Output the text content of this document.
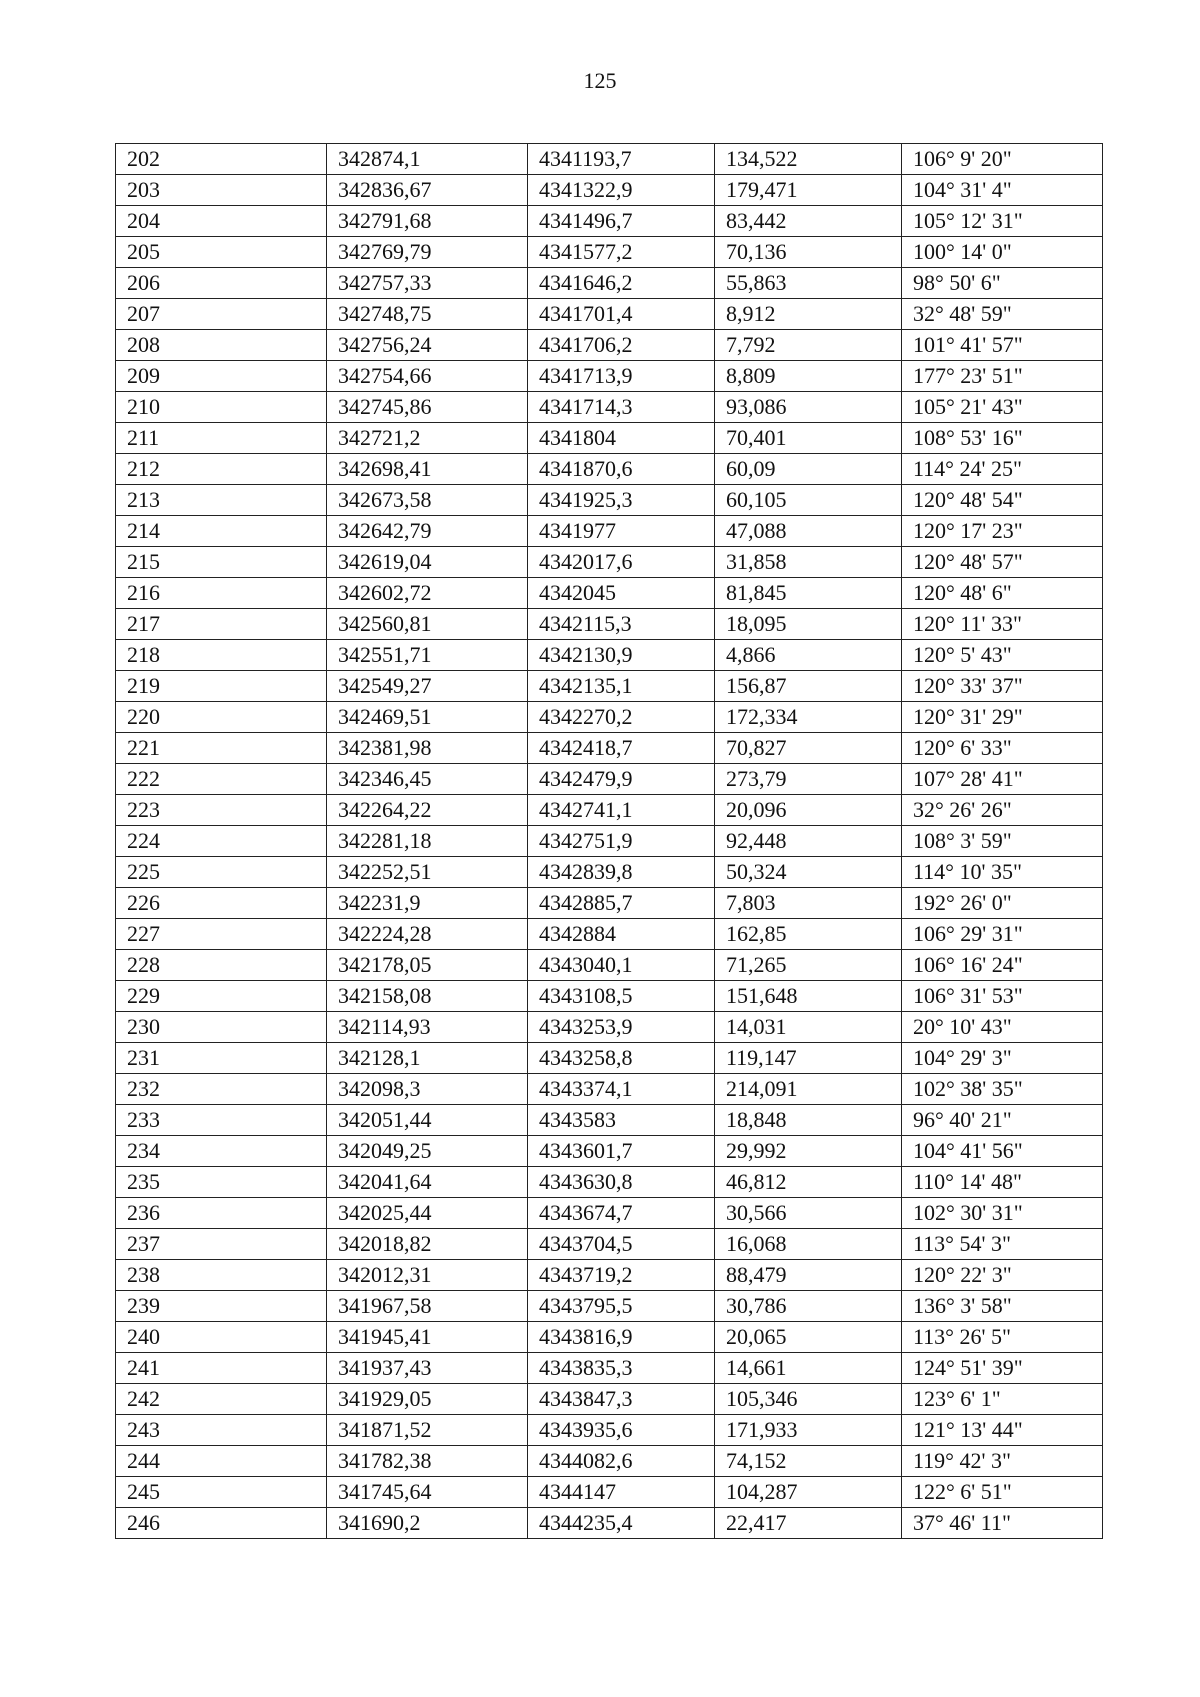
125
202	342874,1	4341193,7	134,522	106° 9' 20"
203	342836,67	4341322,9	179,471	104° 31' 4"
204	342791,68	4341496,7	83,442	105° 12' 31"
205	342769,79	4341577,2	70,136	100° 14' 0"
206	342757,33	4341646,2	55,863	98° 50' 6"
207	342748,75	4341701,4	8,912	32° 48' 59"
208	342756,24	4341706,2	7,792	101° 41' 57"
209	342754,66	4341713,9	8,809	177° 23' 51"
210	342745,86	4341714,3	93,086	105° 21' 43"
211	342721,2	4341804	70,401	108° 53' 16"
212	342698,41	4341870,6	60,09	114° 24' 25"
213	342673,58	4341925,3	60,105	120° 48' 54"
214	342642,79	4341977	47,088	120° 17' 23"
215	342619,04	4342017,6	31,858	120° 48' 57"
216	342602,72	4342045	81,845	120° 48' 6"
217	342560,81	4342115,3	18,095	120° 11' 33"
218	342551,71	4342130,9	4,866	120° 5' 43"
219	342549,27	4342135,1	156,87	120° 33' 37"
220	342469,51	4342270,2	172,334	120° 31' 29"
221	342381,98	4342418,7	70,827	120° 6' 33"
222	342346,45	4342479,9	273,79	107° 28' 41"
223	342264,22	4342741,1	20,096	32° 26' 26"
224	342281,18	4342751,9	92,448	108° 3' 59"
225	342252,51	4342839,8	50,324	114° 10' 35"
226	342231,9	4342885,7	7,803	192° 26' 0"
227	342224,28	4342884	162,85	106° 29' 31"
228	342178,05	4343040,1	71,265	106° 16' 24"
229	342158,08	4343108,5	151,648	106° 31' 53"
230	342114,93	4343253,9	14,031	20° 10' 43"
231	342128,1	4343258,8	119,147	104° 29' 3"
232	342098,3	4343374,1	214,091	102° 38' 35"
233	342051,44	4343583	18,848	96° 40' 21"
234	342049,25	4343601,7	29,992	104° 41' 56"
235	342041,64	4343630,8	46,812	110° 14' 48"
236	342025,44	4343674,7	30,566	102° 30' 31"
237	342018,82	4343704,5	16,068	113° 54' 3"
238	342012,31	4343719,2	88,479	120° 22' 3"
239	341967,58	4343795,5	30,786	136° 3' 58"
240	341945,41	4343816,9	20,065	113° 26' 5"
241	341937,43	4343835,3	14,661	124° 51' 39"
242	341929,05	4343847,3	105,346	123° 6' 1"
243	341871,52	4343935,6	171,933	121° 13' 44"
244	341782,38	4344082,6	74,152	119° 42' 3"
245	341745,64	4344147	104,287	122° 6' 51"
246	341690,2	4344235,4	22,417	37° 46' 11"
